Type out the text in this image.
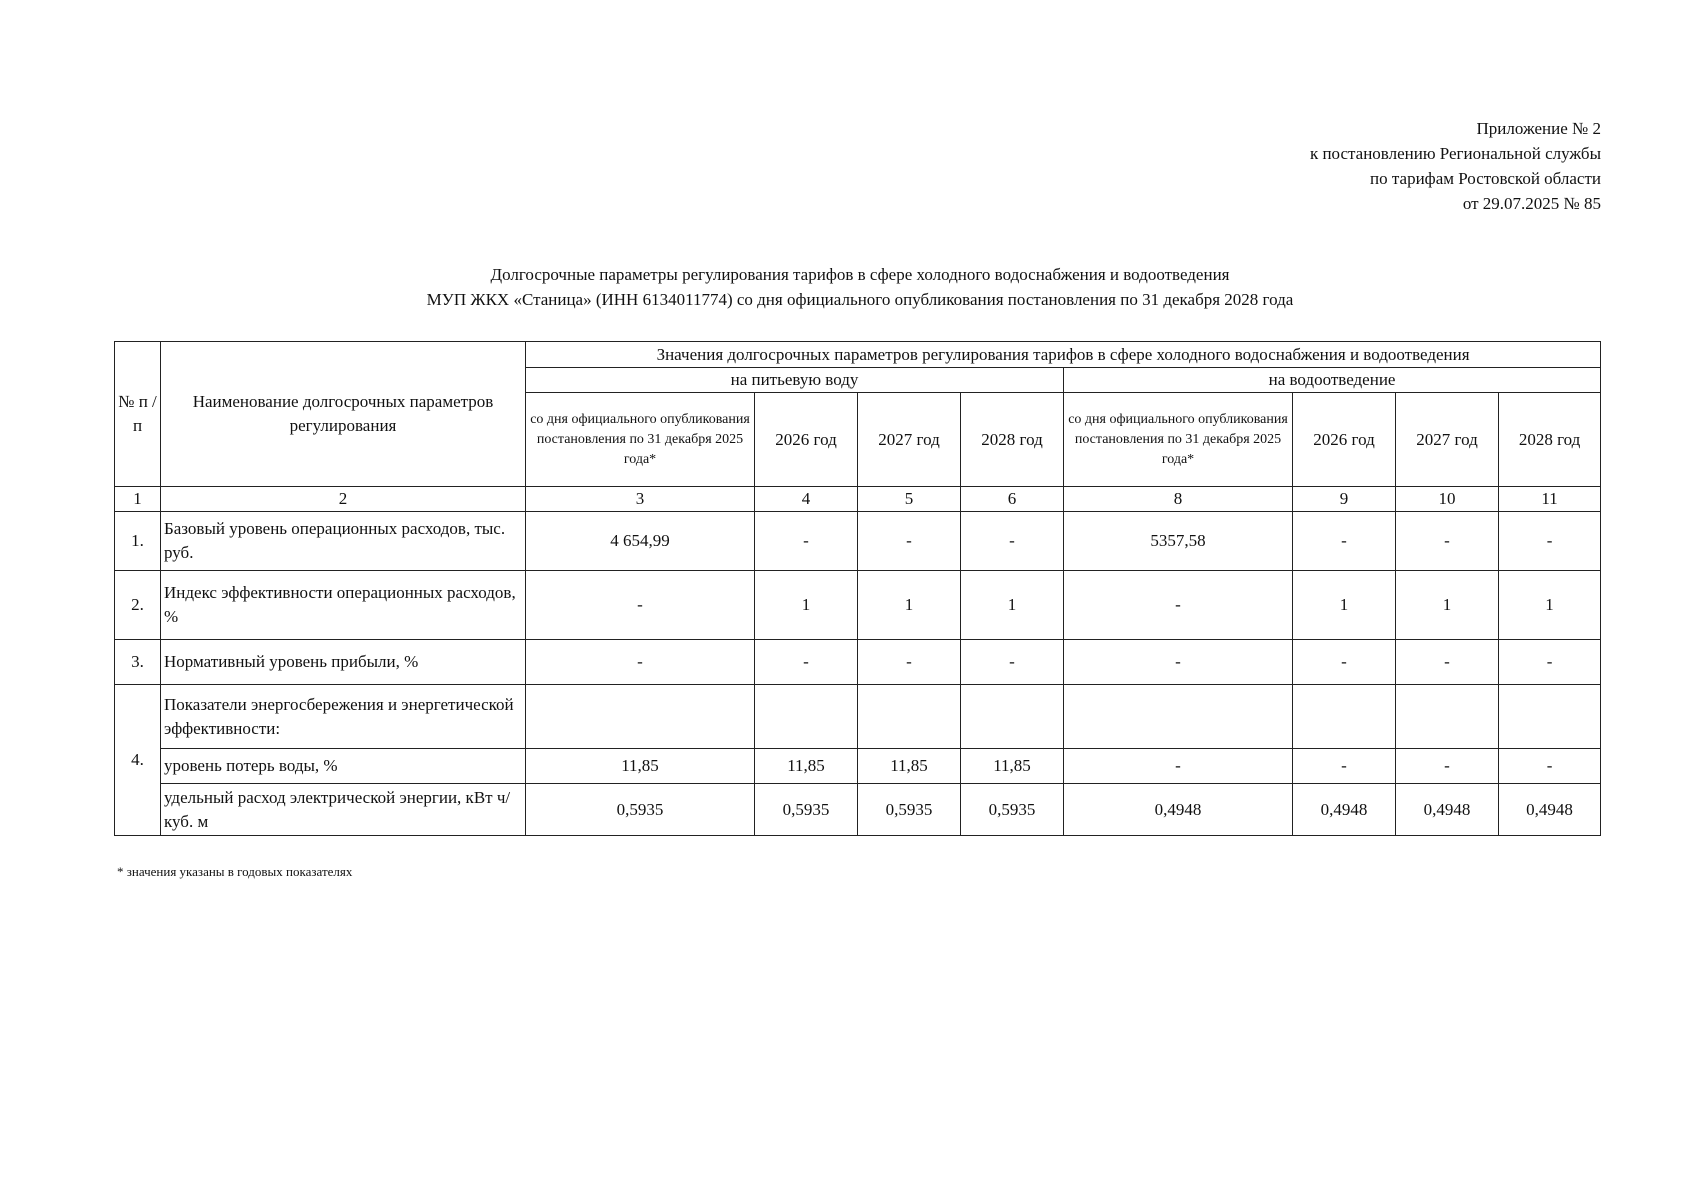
Приложение № 2
к постановлению Региональной службы
по тарифам Ростовской области
от 29.07.2025 № 85
Долгосрочные параметры регулирования тарифов в сфере холодного водоснабжения и водоотведения
МУП ЖКХ «Станица» (ИНН 6134011774) со дня официального опубликования постановления по 31 декабря 2028 года
№ п /п	Наименование долгосрочных параметров регулирования	Значения долгосрочных параметров регулирования тарифов в сфере холодного водоснабжения и водоотведения							
		на питьевую воду				на водоотведение			
		со дня официального опубликования постановления по 31 декабря 2025 года*	2026 год	2027 год	2028 год	со дня официального опубликования постановления по 31 декабря 2025 года*	2026 год	2027 год	2028 год
1	2	3	4	5	6	8	9	10	11
1.	Базовый уровень операционных расходов, тыс. руб.	4 654,99	-	-	-	5357,58	-	-	-
2.	Индекс эффективности операционных расходов, %	-	1	1	1	-	1	1	1
3.	Нормативный уровень прибыли, %	-	-	-	-	-	-	-	-
4.	Показатели энергосбережения и энергетической эффективности:								
	уровень потерь воды, %	11,85	11,85	11,85	11,85	-	-	-	-
	удельный расход электрической энергии, кВт ч/куб. м	0,5935	0,5935	0,5935	0,5935	0,4948	0,4948	0,4948	0,4948
* значения указаны в годовых показателях
